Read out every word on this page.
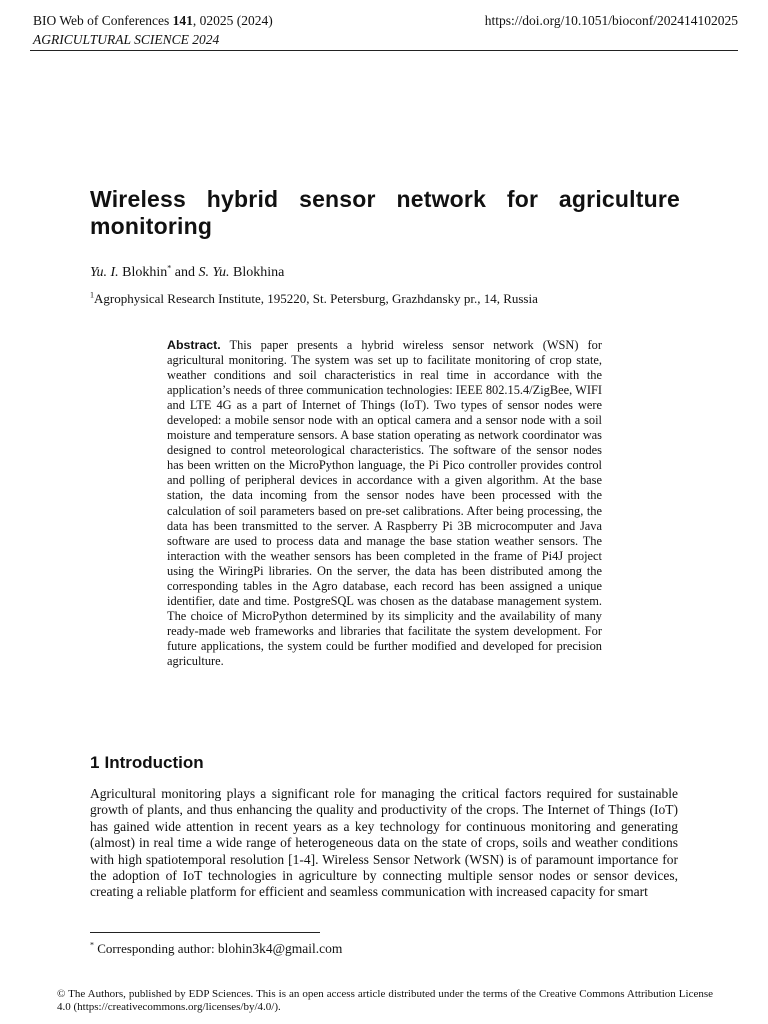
BIO Web of Conferences 141, 02025 (2024)
AGRICULTURAL SCIENCE 2024
https://doi.org/10.1051/bioconf/202414102025
Wireless hybrid sensor network for agriculture monitoring
Yu. I. Blokhin* and S. Yu. Blokhina
$^1$Agrophysical Research Institute, 195220, St. Petersburg, Grazhdansky pr., 14, Russia
Abstract. This paper presents a hybrid wireless sensor network (WSN) for agricultural monitoring. The system was set up to facilitate monitoring of crop state, weather conditions and soil characteristics in real time in accordance with the application’s needs of three communication technologies: IEEE 802.15.4/ZigBee, WIFI and LTE 4G as a part of Internet of Things (IoT). Two types of sensor nodes were developed: a mobile sensor node with an optical camera and a sensor node with a soil moisture and temperature sensors. A base station operating as network coordinator was designed to control meteorological characteristics. The software of the sensor nodes has been written on the MicroPython language, the Pi Pico controller provides control and polling of peripheral devices in accordance with a given algorithm. At the base station, the data incoming from the sensor nodes have been processed with the calculation of soil parameters based on pre-set calibrations. After being processing, the data has been transmitted to the server. A Raspberry Pi 3B microcomputer and Java software are used to process data and manage the base station weather sensors. The interaction with the weather sensors has been completed in the frame of Pi4J project using the WiringPi libraries. On the server, the data has been distributed among the corresponding tables in the Agro database, each record has been assigned a unique identifier, date and time. PostgreSQL was chosen as the database management system. The choice of MicroPython determined by its simplicity and the availability of many ready-made web frameworks and libraries that facilitate the system development. For future applications, the system could be further modified and developed for precision agriculture.
1 Introduction
Agricultural monitoring plays a significant role for managing the critical factors required for sustainable growth of plants, and thus enhancing the quality and productivity of the crops. The Internet of Things (IoT) has gained wide attention in recent years as a key technology for continuous monitoring and generating (almost) in real time a wide range of heterogeneous data on the state of crops, soils and weather conditions with high spatiotemporal resolution [1-4]. Wireless Sensor Network (WSN) is of paramount importance for the adoption of IoT technologies in agriculture by connecting multiple sensor nodes or sensor devices, creating a reliable platform for efficient and seamless communication with increased capacity for smart
* Corresponding author: blohin3k4@gmail.com
© The Authors, published by EDP Sciences. This is an open access article distributed under the terms of the Creative Commons Attribution License 4.0 (https://creativecommons.org/licenses/by/4.0/).
